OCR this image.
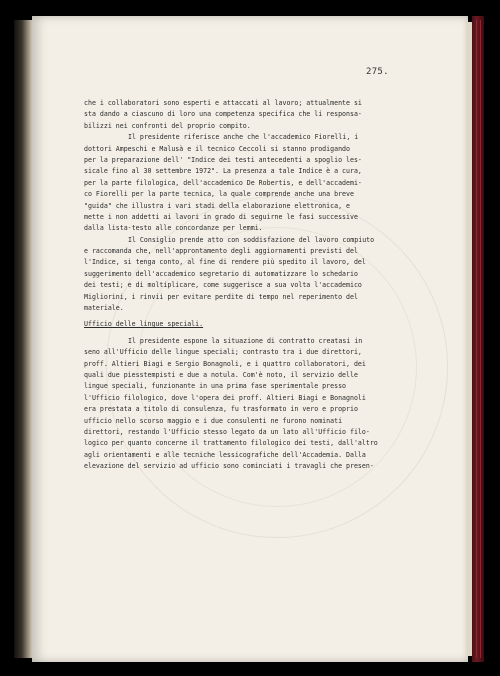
275.
che i collaboratori sono esperti e attaccati al lavoro; attualmente si
sta dando a ciascuno di loro una competenza specifica che li responsa-
bilizzi nei confronti del proprio compito.
Il presidente riferisce anche che l'accademico Fiorelli, i
dottori Ampeschi e Malusà e il tecnico Ceccoli si stanno prodigando
per la preparazione dell' "Indice dei testi antecedenti a spoglio les-
sicale fino al 30 settembre 1972". La presenza a tale Indice è a cura,
per la parte filologica, dell'accademico De Robertis, e dell'accademi-
co Fiorelli per la parte tecnica, la quale comprende anche una breve
"guida" che illustra i vari stadi della elaborazione elettronica, e
mette i non addetti ai lavori in grado di seguirne le fasi successive
dalla lista-testo alle concordanze per lemmi.
Il Consiglio prende atto con soddisfazione del lavoro compiuto
e raccomanda che, nell'approntamento degli aggiornamenti previsti del
l'Indice, si tenga conto, al fine di rendere più spedito il lavoro, del
suggerimento dell'accademico segretario di automatizzare lo schedario
dei testi; e di moltiplicare, come suggerisce a sua volta l'accademico
Migliorini, i rinvii per evitare perdite di tempo nel reperimento del
materiale.
Ufficio delle lingue speciali.
Il presidente espone la situazione di contratto creatasi in
seno all'Ufficio delle lingue speciali; contrasto tra i due direttori,
proff. Altieri Biagi e Sergio Bonagnoli, e i quattro collaboratori, dei
quali due piesstempisti e due a notula. Com'è noto, il servizio delle
lingue speciali, funzionante in una prima fase sperimentale presso
l'Ufficio filologico, dove l'opera dei proff. Altieri Biagi e Bonagnoli
era prestata a titolo di consulenza, fu trasformato in vero e proprio
ufficio nello scorso maggio e i due consulenti ne furono nominati
direttori, restando l'Ufficio stesso legato da un lato all'Ufficio filo-
logico per quanto concerne il trattamento filologico dei testi, dall'altro
agli orientamenti e alle tecniche lessicografiche dell'Accademia. Dalla
elevazione del servizio ad ufficio sono cominciati i travagli che presen-
